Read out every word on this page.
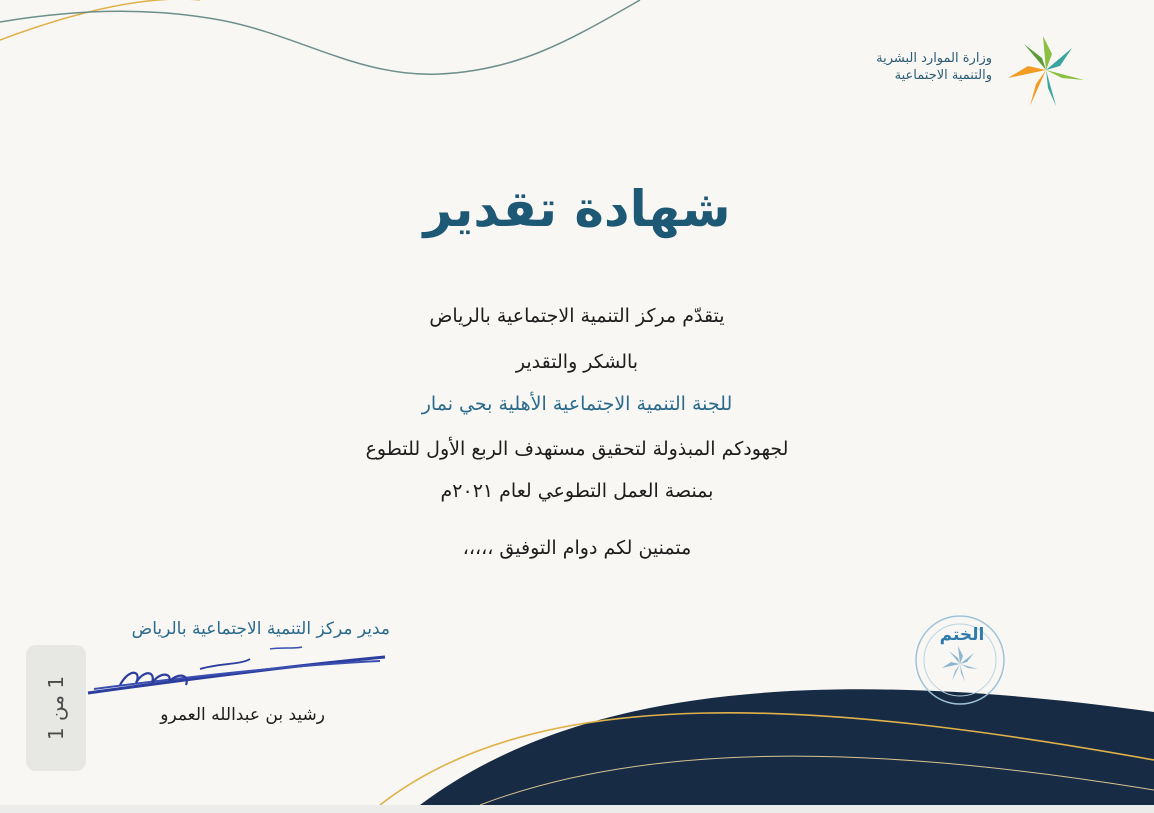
وزارة الموارد البشرية
والتنمية الاجتماعية
شهادة تقدير
يتقدّم مركز التنمية الاجتماعية بالرياض
بالشكر والتقدير
للجنة التنمية الاجتماعية الأهلية بحي نمار
لجهودكم المبذولة لتحقيق مستهدف الربع الأول للتطوع
بمنصة العمل التطوعي لعام ٢٠٢١م
متمنين لكم دوام التوفيق ،،،،،
الختم
مدير مركز التنمية الاجتماعية بالرياض
رشيد بن عبدالله العمرو
1 من 1
